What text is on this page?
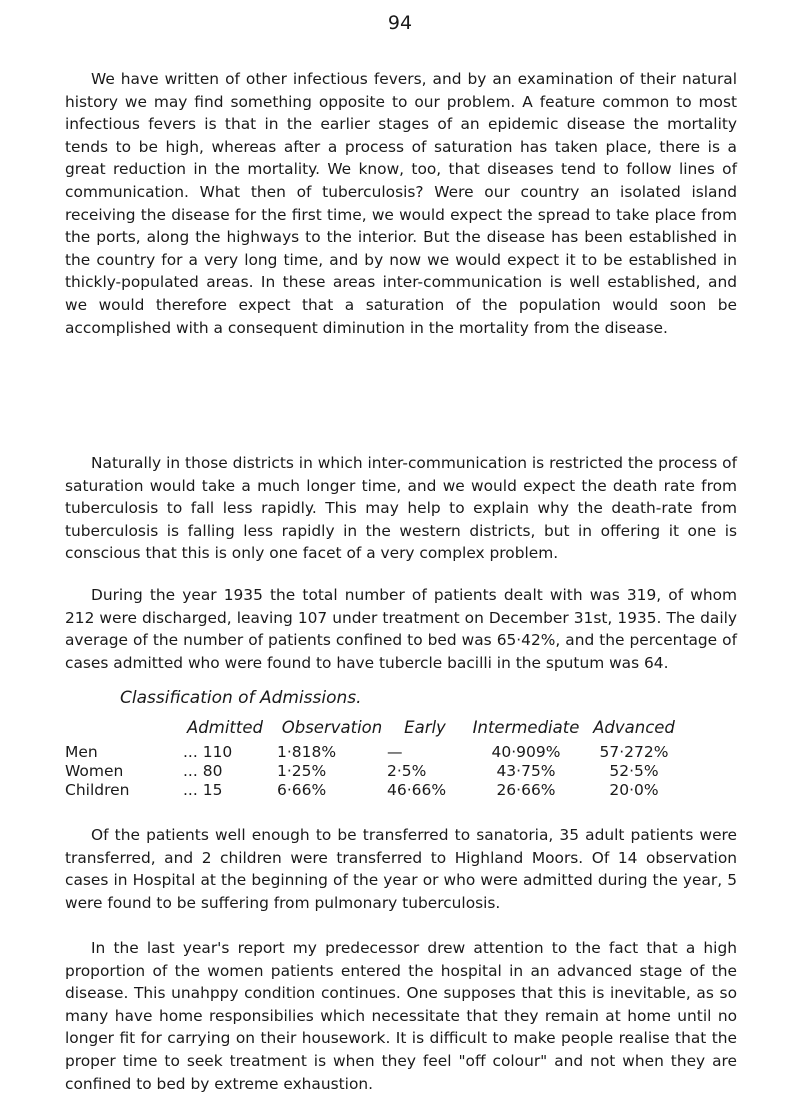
94

We have written of other infectious fevers, and by an examination of their natural history we may find something opposite to our problem. A feature common to most infectious fevers is that in the earlier stages of an epidemic disease the mortality tends to be high, whereas after a process of saturation has taken place, there is a great reduction in the mortality. We know, too, that diseases tend to follow lines of communication. What then of tuberculosis? Were our country an isolated island receiving the disease for the first time, we would expect the spread to take place from the ports, along the highways to the interior. But the disease has been established in the country for a very long time, and by now we would expect it to be established in thickly-populated areas. In these areas inter-communication is well established, and we would therefore expect that a saturation of the population would soon be accomplished with a consequent diminution in the mortality from the disease.

Naturally in those districts in which inter-communication is restricted the process of saturation would take a much longer time, and we would expect the death rate from tuberculosis to fall less rapidly. This may help to explain why the death-rate from tuberculosis is falling less rapidly in the western districts, but in offering it one is conscious that this is only one facet of a very complex problem.

During the year 1935 the total number of patients dealt with was 319, of whom 212 were discharged, leaving 107 under treatment on December 31st, 1935. The daily average of the number of patients confined to bed was 65·42%, and the percentage of cases admitted who were found to have tubercle bacilli in the sputum was 64.

Classification of Admissions.

	Admitted	Observation	Early	Intermediate	Advanced
Men	... 110	1·818%	—	40·909%	57·272%
Women	... 80	1·25%	2·5%	43·75%	52·5%
Children	... 15	6·66%	46·66%	26·66%	20·0%

Of the patients well enough to be transferred to sanatoria, 35 adult patients were transferred, and 2 children were transferred to Highland Moors. Of 14 observation cases in Hospital at the beginning of the year or who were admitted during the year, 5 were found to be suffering from pulmonary tuberculosis.

In the last year's report my predecessor drew attention to the fact that a high proportion of the women patients entered the hospital in an advanced stage of the disease. This unahppy condition continues. One supposes that this is inevitable, as so many have home responsibilies which necessitate that they remain at home until no longer fit for carrying on their housework. It is difficult to make people realise that the proper time to seek treatment is when they feel "off colour" and not when they are confined to bed by extreme exhaustion.
